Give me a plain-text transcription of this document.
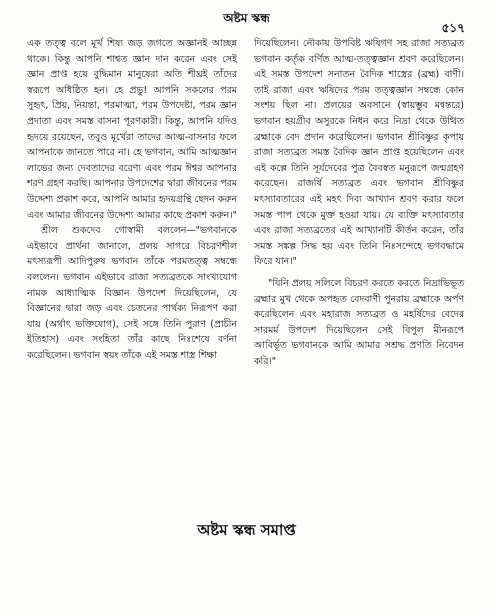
অষ্টম স্কন্ধ
৫১৭

এক তত্ত্ব বলে মূর্খ শিষ্য জড় জগতে অজ্ঞানই আচ্ছন্ন থাকে। কিন্তু আপনি শাশ্বত জ্ঞান দান করেন এবং সেই জ্ঞান প্রাপ্ত হয়ে বুদ্ধিমান মানুষেরা অতি শীঘ্রই তাঁদের স্বরূপে অধিষ্ঠিত হন। হে প্রভু! আপনি সকলের পরম সুহৃৎ, প্রিয়, নিয়ন্তা, পরমাত্মা, পরম উপদেষ্টা, পরম জ্ঞান প্রদাতা এবং সমস্ত বাসনা পূরণকারী। কিন্তু, আপনি যদিও হৃদয়ে রয়েছেন, তবুও মূর্খেরা তাদের আত্ম-বাসনার ফলে আপনাকে জানতে পারে না। হে ভগবান, আমি আত্মজ্ঞান লাভের জন্য দেবতাদের বরেণ্য এবং পরম ঈশ্বর আপনার শরণ গ্রহণ করছি। আপনার উপদেশের দ্বারা জীবনের পরম উদ্দেশ্য প্রকাশ করে, আপনি আমার হৃদয়গ্রন্থি ছেদন করুন এবং আমার জীবনের উদ্দেশ্য আমার কাছে প্রকাশ করুন।"

শ্রীল শুকদেব গোস্বামী বললেন—"ভগবানকে এইভাবে প্রার্থনা জানালে, প্রলয় সাগরে বিচরণশীল মৎস্যরূপী আদিপুরুষ ভগবান তাঁকে পরমতত্ত্ব সম্বন্ধে বললেন। ভগবান এইভাবে রাজা সত্যব্রতকে সাংখ্যযোগ নামক আধ্যাত্মিক বিজ্ঞান উপদেশ দিয়েছিলেন, যে বিজ্ঞানের দ্বারা জড় এবং চেতনের পার্থক্য নিরূপণ করা যায় (অর্থাৎ ভক্তিযোগ), সেই সঙ্গে তিনি পুরাণ (প্রাচীন ইতিহাস) এবং সংহিতা তাঁর কাছে নিঃশেষে বর্ণনা করেছিলেন। ভগবান স্বয়ং তাঁকে এই সমস্ত শাস্ত্র শিক্ষা

দিয়েছিলেন। নৌকায় উপবিষ্ট ঋষিগণ সহ রাজা সত্যব্রত ভগবান কর্তৃক বর্ণিত আত্ম-তত্ত্বজ্ঞান শ্রবণ করেছিলেন। এই সমস্ত উপদেশ সনাতন বৈদিক শাস্ত্রের (ব্রহ্ম) বাণী। তাই রাজা এবং ঋষিদের পরম তত্ত্বজ্ঞান সম্বন্ধে কোন সংশয় ছিল না। প্রলয়ের অবসানে (স্বায়ম্ভুব মন্বন্তরে) ভগবান হয়গ্রীব অসুরকে নিধন করে নিদ্রা থেকে উত্থিত ব্রহ্মাকে বেদ প্রদান করেছিলেন। ভগবান শ্রীবিষ্ণুর কৃপায় রাজা সত্যব্রত সমস্ত বৈদিক জ্ঞান প্রাপ্ত হয়েছিলেন এবং এই কল্পে তিনি সূর্যদেবের পুত্র বৈবস্বত মনুরূপে জন্মগ্রহণ করেছেন। রাজর্ষি সত্যব্রত এবং ভগবান শ্রীবিষ্ণুর মৎস্যাবতারের এই মহৎ দিব্য আখ্যান শ্রবণ করার ফলে সমস্ত পাপ থেকে মুক্ত হওয়া যায়। যে ব্যক্তি মৎস্যাবতার এবং রাজা সত্যব্রতের এই আখ্যানটি কীর্তন করেন, তাঁর সমস্ত সঙ্কল্প সিদ্ধ হয় এবং তিনি নিঃসন্দেহে ভগবদ্ধামে ফিরে যান।"

"যিনি প্রলয় সলিলে বিচরণ করতে করতে নিদ্রাভিভূত ব্রহ্মার মুখ থেকে অপহৃত বেদবাণী পুনরায় ব্রহ্মাকে অর্পণ করেছিলেন এবং মহারাজ সত্যব্রত ও মহর্ষিদের বেদের সারমর্ম উপদেশ দিয়েছিলেন সেই বিপুল মীনরূপে আবির্ভূত ভগবানকে আমি আমার সশ্রদ্ধ প্রণতি নিবেদন করি।"

অষ্টম স্কন্ধ সমাপ্ত
